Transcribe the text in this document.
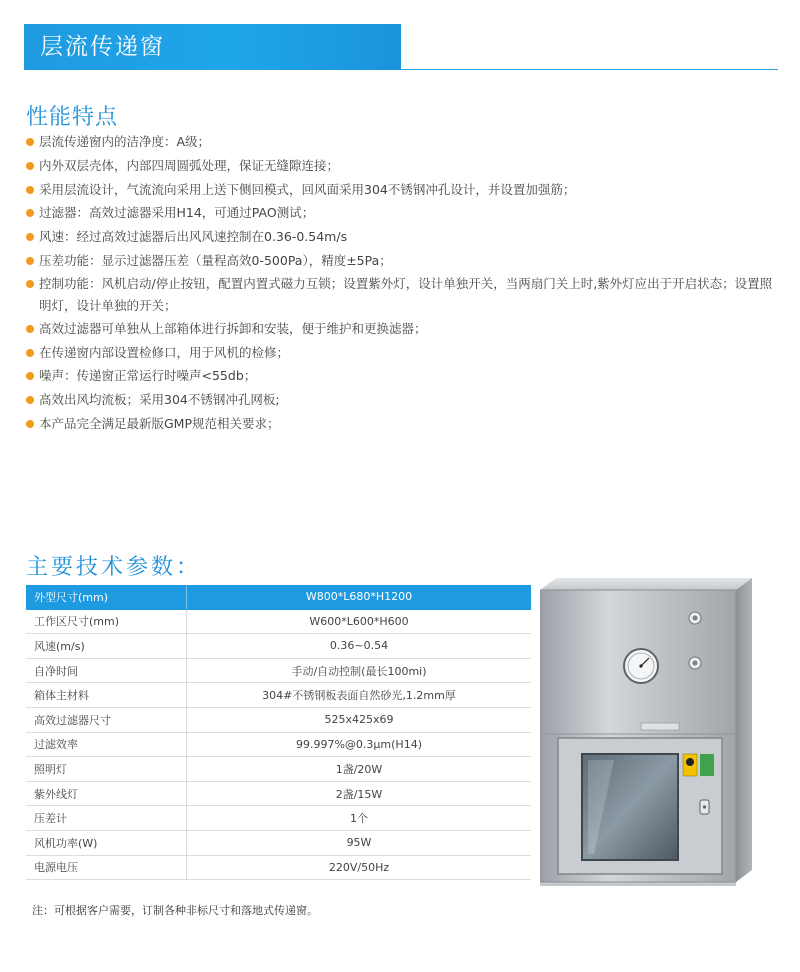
层流传递窗
性能特点
层流传递窗内的洁净度：A级；
内外双层壳体，内部四周圆弧处理，保证无缝隙连接；
采用层流设计，气流流向采用上送下侧回模式，回风面采用304不锈钢冲孔设计，并设置加强筋；
过滤器：高效过滤器采用H14，可通过PAO测试；
风速：经过高效过滤器后出风风速控制在0.36-0.54m/s
压差功能：显示过滤器压差（量程高效0-500Pa），精度±5Pa；
控制功能：风机启动/停止按钮，配置内置式磁力互锁；设置紫外灯，设计单独开关，当两扇门关上时,紫外灯应出于开启状态；设置照明灯，设计单独的开关；
高效过滤器可单独从上部箱体进行拆卸和安装，便于维护和更换滤器；
在传递窗内部设置检修口，用于风机的检修；
噪声：传递窗正常运行时噪声<55db；
高效出风均流板；采用304不锈钢冲孔网板;
本产品完全满足最新版GMP规范相关要求；
主要技术参数：
外型尺寸(mm)	W800*L680*H1200
工作区尺寸(mm)	W600*L600*H600
风速(m/s)	0.36~0.54
自净时间	手动/自动控制(最长100mi)
箱体主材料	304#不锈钢板表面自然砂光,1.2mm厚
高效过滤器尺寸	525x425x69
过滤效率	99.997%@0.3μm(H14)
照明灯	1盏/20W
紫外线灯	2盏/15W
压差计	1个
风机功率(W)	95W
电源电压	220V/50Hz
注：可根据客户需要，订制各种非标尺寸和落地式传递窗。
